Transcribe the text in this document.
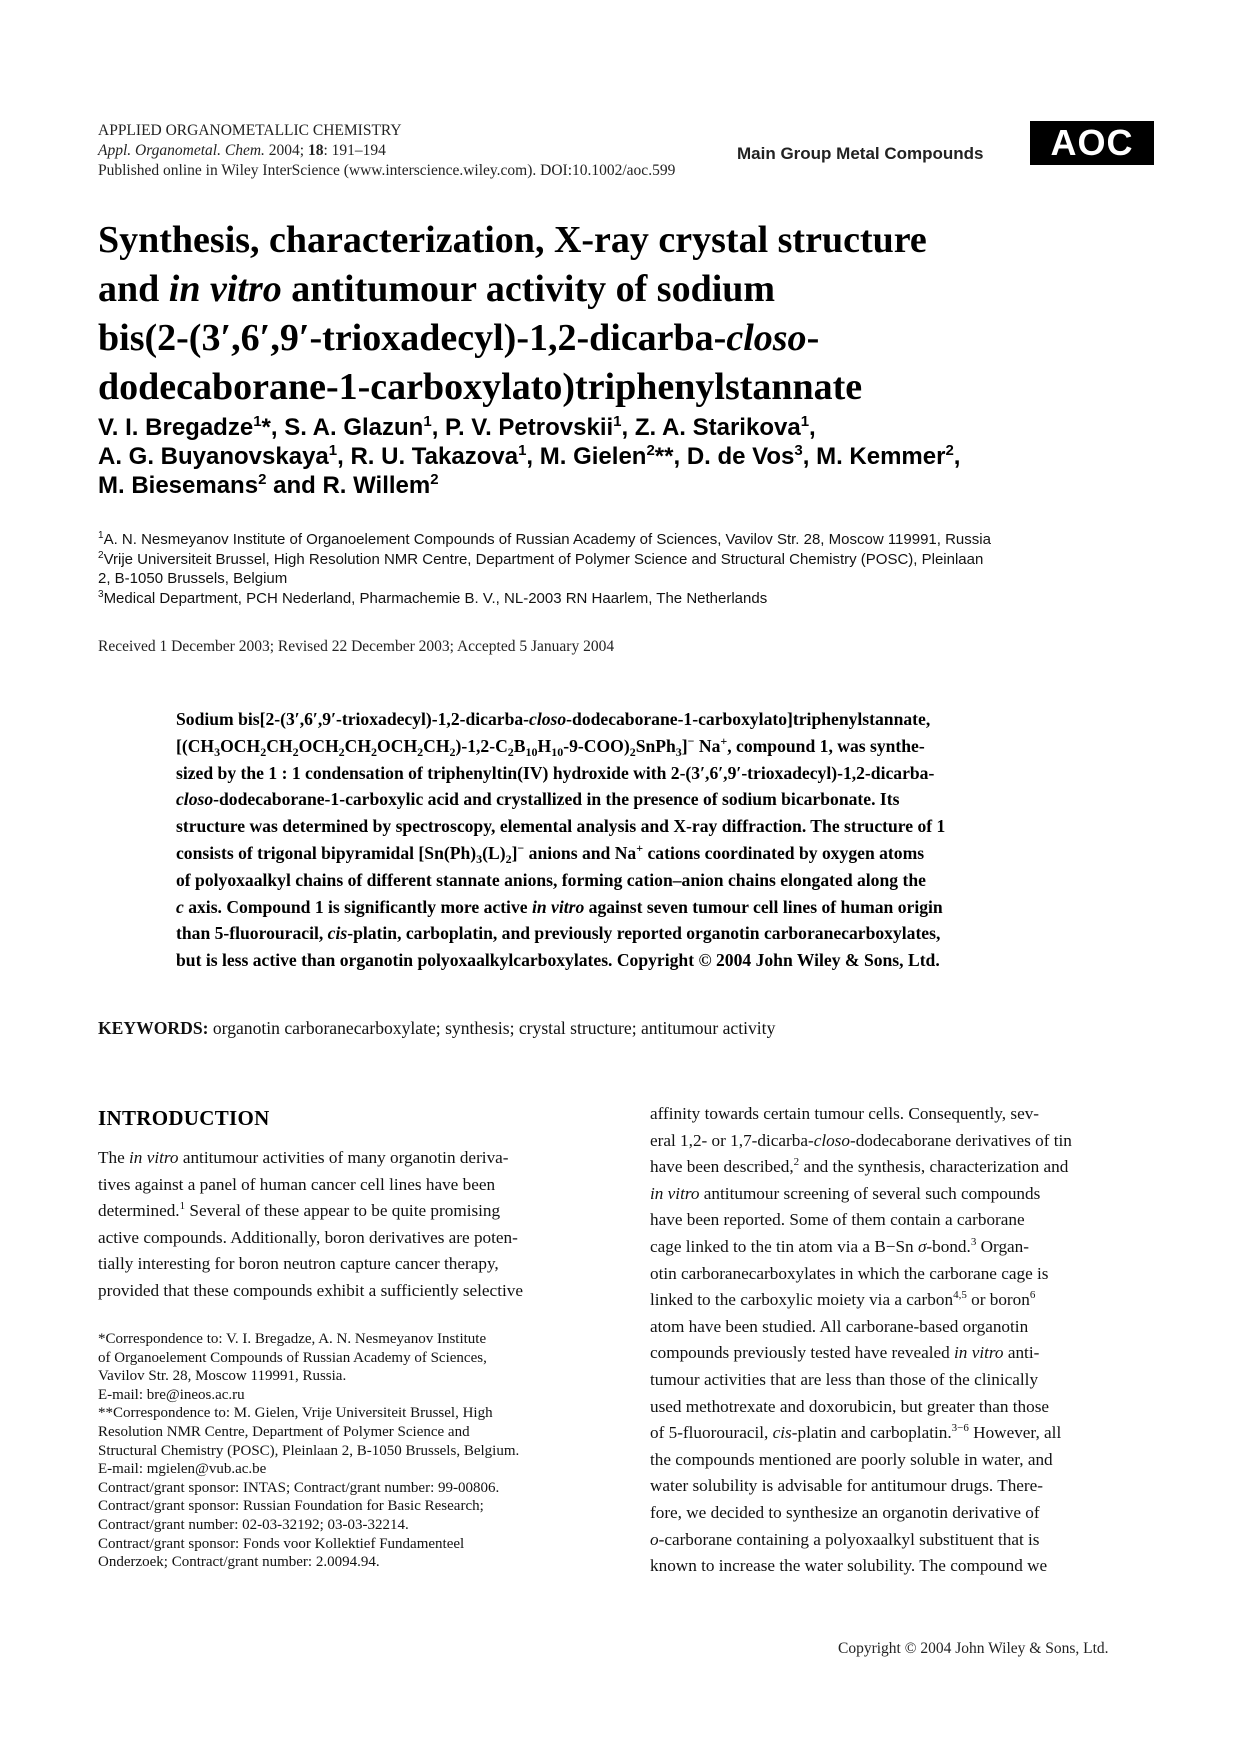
APPLIED ORGANOMETALLIC CHEMISTRY
Appl. Organometal. Chem. 2004; 18: 191–194
Published online in Wiley InterScience (www.interscience.wiley.com). DOI:10.1002/aoc.599
Main Group Metal Compounds	AOC
Synthesis, characterization, X-ray crystal structure
and in vitro antitumour activity of sodium
bis(2-(3′,6′,9′-trioxadecyl)-1,2-dicarba-closo-
dodecaborane-1-carboxylato)triphenylstannate
V. I. Bregadze$^1$*, S. A. Glazun$^1$, P. V. Petrovskii$^1$, Z. A. Starikova$^1$,
A. G. Buyanovskaya$^1$, R. U. Takazova$^1$, M. Gielen$^2$**, D. de Vos$^3$, M. Kemmer$^2$,
M. Biesemans$^2$ and R. Willem$^2$
$^1$A. N. Nesmeyanov Institute of Organoelement Compounds of Russian Academy of Sciences, Vavilov Str. 28, Moscow 119991, Russia
$^2$Vrije Universiteit Brussel, High Resolution NMR Centre, Department of Polymer Science and Structural Chemistry (POSC), Pleinlaan
2, B-1050 Brussels, Belgium
$^3$Medical Department, PCH Nederland, Pharmachemie B. V., NL-2003 RN Haarlem, The Netherlands
Received 1 December 2003; Revised 22 December 2003; Accepted 5 January 2004
Sodium bis[2-(3′,6′,9′-trioxadecyl)-1,2-dicarba-closo-dodecaborane-1-carboxylato]triphenylstannate,
$[(CH_3OCH_2CH_2OCH_2CH_2OCH_2CH_2)-1,2-C_2B_{10}H_{10}-9-COO)_2SnPh_3]^-$ Na+, compound 1, was synthe-
sized by the 1 : 1 condensation of triphenyltin(IV) hydroxide with 2-(3′,6′,9′-trioxadecyl)-1,2-dicarba-
closo-dodecaborane-1-carboxylic acid and crystallized in the presence of sodium bicarbonate. Its
structure was determined by spectroscopy, elemental analysis and X-ray diffraction. The structure of 1
consists of trigonal bipyramidal $[Sn(Ph)_3(L)_2]^-$ anions and Na+ cations coordinated by oxygen atoms
of polyoxaalkyl chains of different stannate anions, forming cation–anion chains elongated along the
c axis. Compound 1 is significantly more active in vitro against seven tumour cell lines of human origin
than 5-fluorouracil, cis-platin, carboplatin, and previously reported organotin carboranecarboxylates,
but is less active than organotin polyoxaalkylcarboxylates. Copyright © 2004 John Wiley & Sons, Ltd.
KEYWORDS: organotin carboranecarboxylate; synthesis; crystal structure; antitumour activity
INTRODUCTION
The in vitro antitumour activities of many organotin deriva-
tives against a panel of human cancer cell lines have been
determined.$^1$ Several of these appear to be quite promising
active compounds. Additionally, boron derivatives are poten-
tially interesting for boron neutron capture cancer therapy,
provided that these compounds exhibit a sufficiently selective
*Correspondence to: V. I. Bregadze, A. N. Nesmeyanov Institute
of Organoelement Compounds of Russian Academy of Sciences,
Vavilov Str. 28, Moscow 119991, Russia.
E-mail: bre@ineos.ac.ru
**Correspondence to: M. Gielen, Vrije Universiteit Brussel, High
Resolution NMR Centre, Department of Polymer Science and
Structural Chemistry (POSC), Pleinlaan 2, B-1050 Brussels, Belgium.
E-mail: mgielen@vub.ac.be
Contract/grant sponsor: INTAS; Contract/grant number: 99-00806.
Contract/grant sponsor: Russian Foundation for Basic Research;
Contract/grant number: 02-03-32192; 03-03-32214.
Contract/grant sponsor: Fonds voor Kollektief Fundamenteel
Onderzoek; Contract/grant number: 2.0094.94.
affinity towards certain tumour cells. Consequently, sev-
eral 1,2- or 1,7-dicarba-closo-dodecaborane derivatives of tin
have been described,$^2$ and the synthesis, characterization and
in vitro antitumour screening of several such compounds
have been reported. Some of them contain a carborane
cage linked to the tin atom via a B−Sn σ-bond.$^3$ Organ-
otin carboranecarboxylates in which the carborane cage is
linked to the carboxylic moiety via a carbon$^{4,5}$ or boron$^6$
atom have been studied. All carborane-based organotin
compounds previously tested have revealed in vitro anti-
tumour activities that are less than those of the clinically
used methotrexate and doxorubicin, but greater than those
of 5-fluorouracil, cis-platin and carboplatin.$^{3-6}$ However, all
the compounds mentioned are poorly soluble in water, and
water solubility is advisable for antitumour drugs. There-
fore, we decided to synthesize an organotin derivative of
o-carborane containing a polyoxaalkyl substituent that is
known to increase the water solubility. The compound we
Copyright © 2004 John Wiley & Sons, Ltd.
